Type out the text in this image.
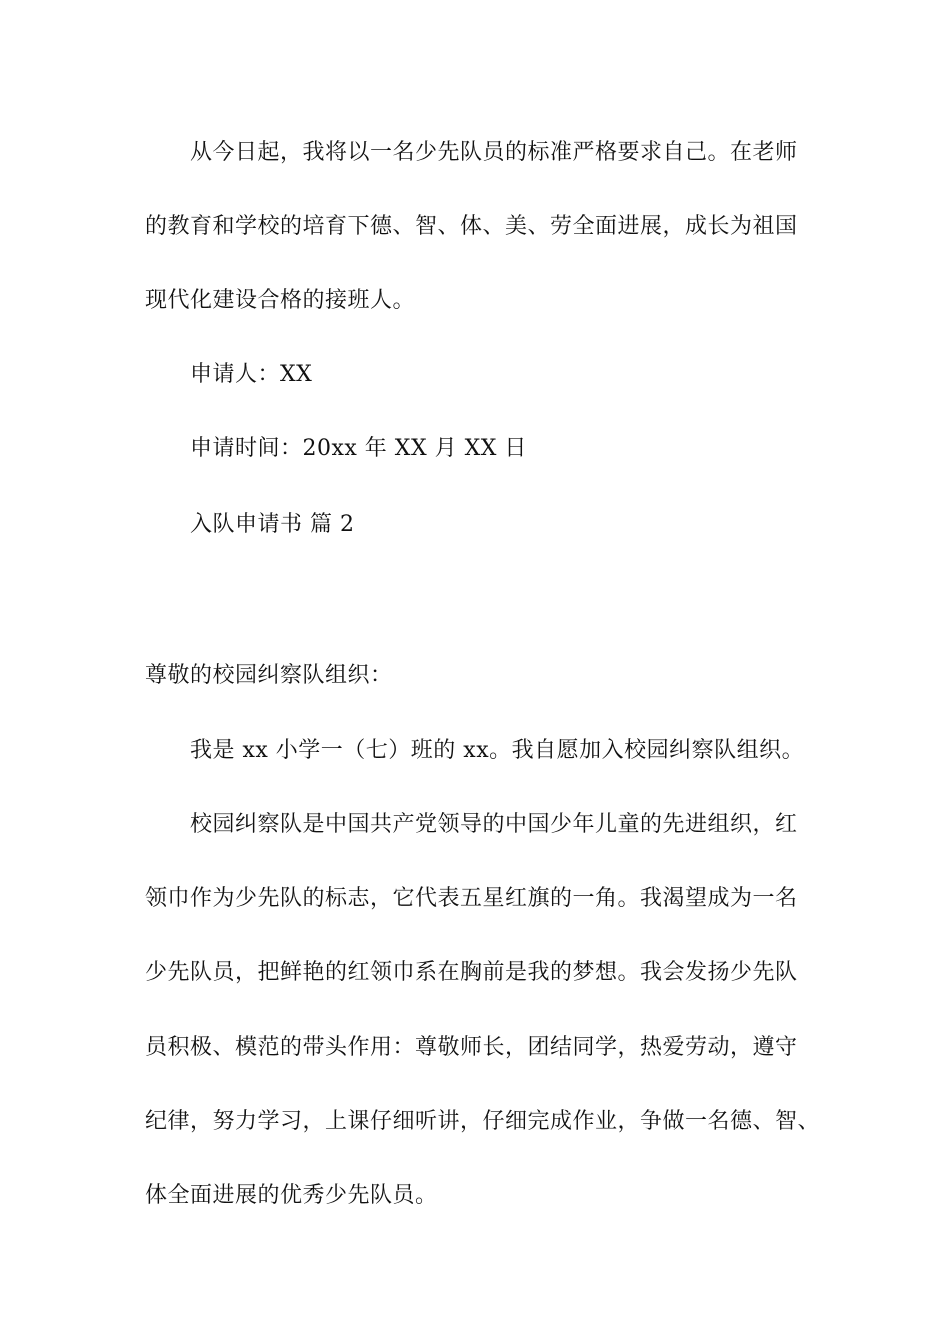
从今日起，我将以一名少先队员的标准严格要求自己。在老师
的教育和学校的培育下德、智、体、美、劳全面进展，成长为祖国
现代化建设合格的接班人。
申请人：XX
申请时间：20xx 年 XX 月 XX 日
入队申请书 篇 2
尊敬的校园纠察队组织：
我是 xx 小学一（七）班的 xx。我自愿加入校园纠察队组织。
校园纠察队是中国共产党领导的中国少年儿童的先进组织，红
领巾作为少先队的标志，它代表五星红旗的一角。我渴望成为一名
少先队员，把鲜艳的红领巾系在胸前是我的梦想。我会发扬少先队
员积极、模范的带头作用：尊敬师长，团结同学，热爱劳动，遵守
纪律，努力学习，上课仔细听讲，仔细完成作业，争做一名德、智、
体全面进展的优秀少先队员。
